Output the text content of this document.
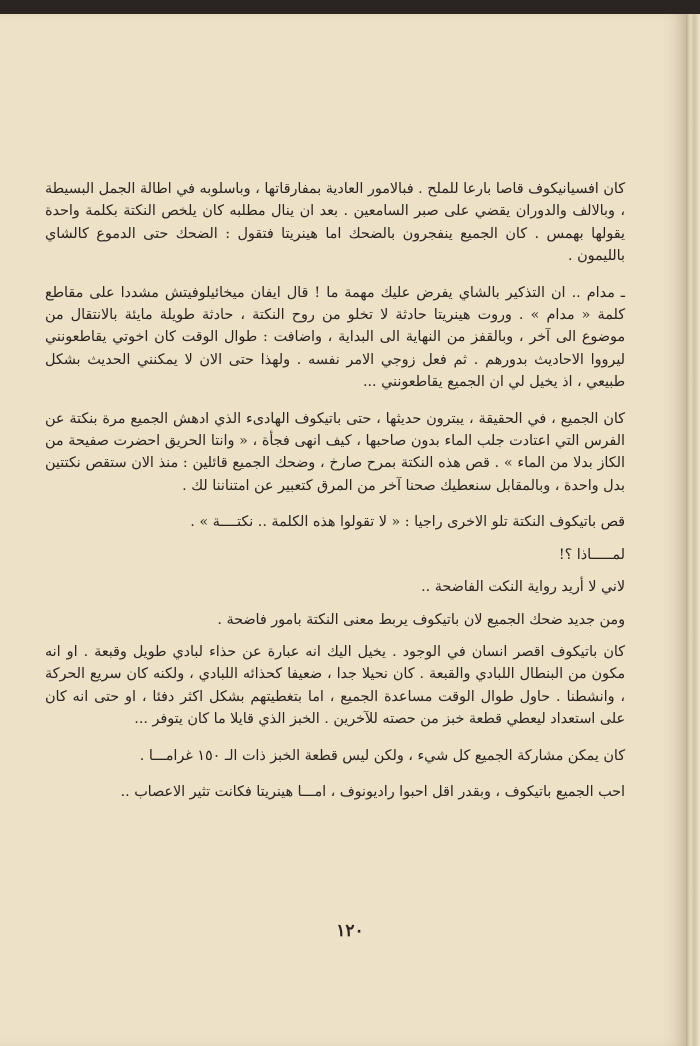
كان افسيانيكوف قاصا بارعا للملح . فبالامور العادية بمفارقاتها ، وباسلوبه في اطالة الجمل البسيطة ، وبالالف والدوران يقضي على صبر السامعين . بعد ان ينال مطلبه كان يلخص النكتة بكلمة واحدة يقولها بهمس . كان الجميع ينفجرون بالضحك اما هينريتا فتقول : الضحك حتى الدموع كالشاي بالليمون .

ـ مدام .. ان التذكير بالشاي يفرض عليك مهمة ما ! قال ايفان ميخائيلوفيتش مشددا على مقاطع كلمة « مدام » . وروت هينريتا حادثة لا تخلو من روح النكتة ، حادثة طويلة مايئة بالانتقال من موضوع الى آخر ، وبالقفز من النهاية الى البداية ، واضافت : طوال الوقت كان اخوتي يقاطعونني ليرووا الاحاديث بدورهم . ثم فعل زوجي الامر نفسه . ولهذا حتى الان لا يمكنني الحديث بشكل طبيعي ، اذ يخيل لي ان الجميع يقاطعونني ...

كان الجميع ، في الحقيقة ، يبترون حديثها ، حتى باتيكوف الهادىء الذي ادهش الجميع مرة بنكتة عن الفرس التي اعتادت جلب الماء بدون صاحبها ، كيف انهى فجأة ، « وانتا الحريق احضرت صفيحة من الكاز بدلا من الماء » . قص هذه النكتة بمرح صارخ ، وضحك الجميع قائلين : منذ الان ستقص نكتتين بدل واحدة ، وبالمقابل سنعطيك صحنا آخر من المرق كتعبير عن امتناننا لك .

قص باتيكوف النكتة تلو الاخرى راجيا : « لا تقولوا هذه الكلمة .. نكتــــة » .

لمـــــاذا ؟!

لاني لا أريد رواية النكت الفاضحة ..

ومن جديد ضحك الجميع لان باتيكوف يربط معنى النكتة بامور فاضحة .

كان باتيكوف اقصر انسان في الوجود . يخيل اليك انه عبارة عن حذاء لبادي طويل وقبعة . او انه مكون من البنطال اللبادي والقبعة . كان نحيلا جدا ، ضعيفا كحذائه اللبادي ، ولكنه كان سريع الحركة ، وانشطنا . حاول طوال الوقت مساعدة الجميع ، اما بتغطيتهم بشكل اكثر دفئا ، او حتى انه كان على استعداد ليعطي قطعة خبز من حصته للآخرين . الخبز الذي قايلا ما كان يتوفر ...

كان يمكن مشاركة الجميع كل شيء ، ولكن ليس قطعة الخبز ذات الـ ١٥٠ غرامـــا .

احب الجميع باتيكوف ، وبقدر اقل احبوا راديونوف ، امـــا هينريتا فكانت تثير الاعصاب ..

١٢٠
